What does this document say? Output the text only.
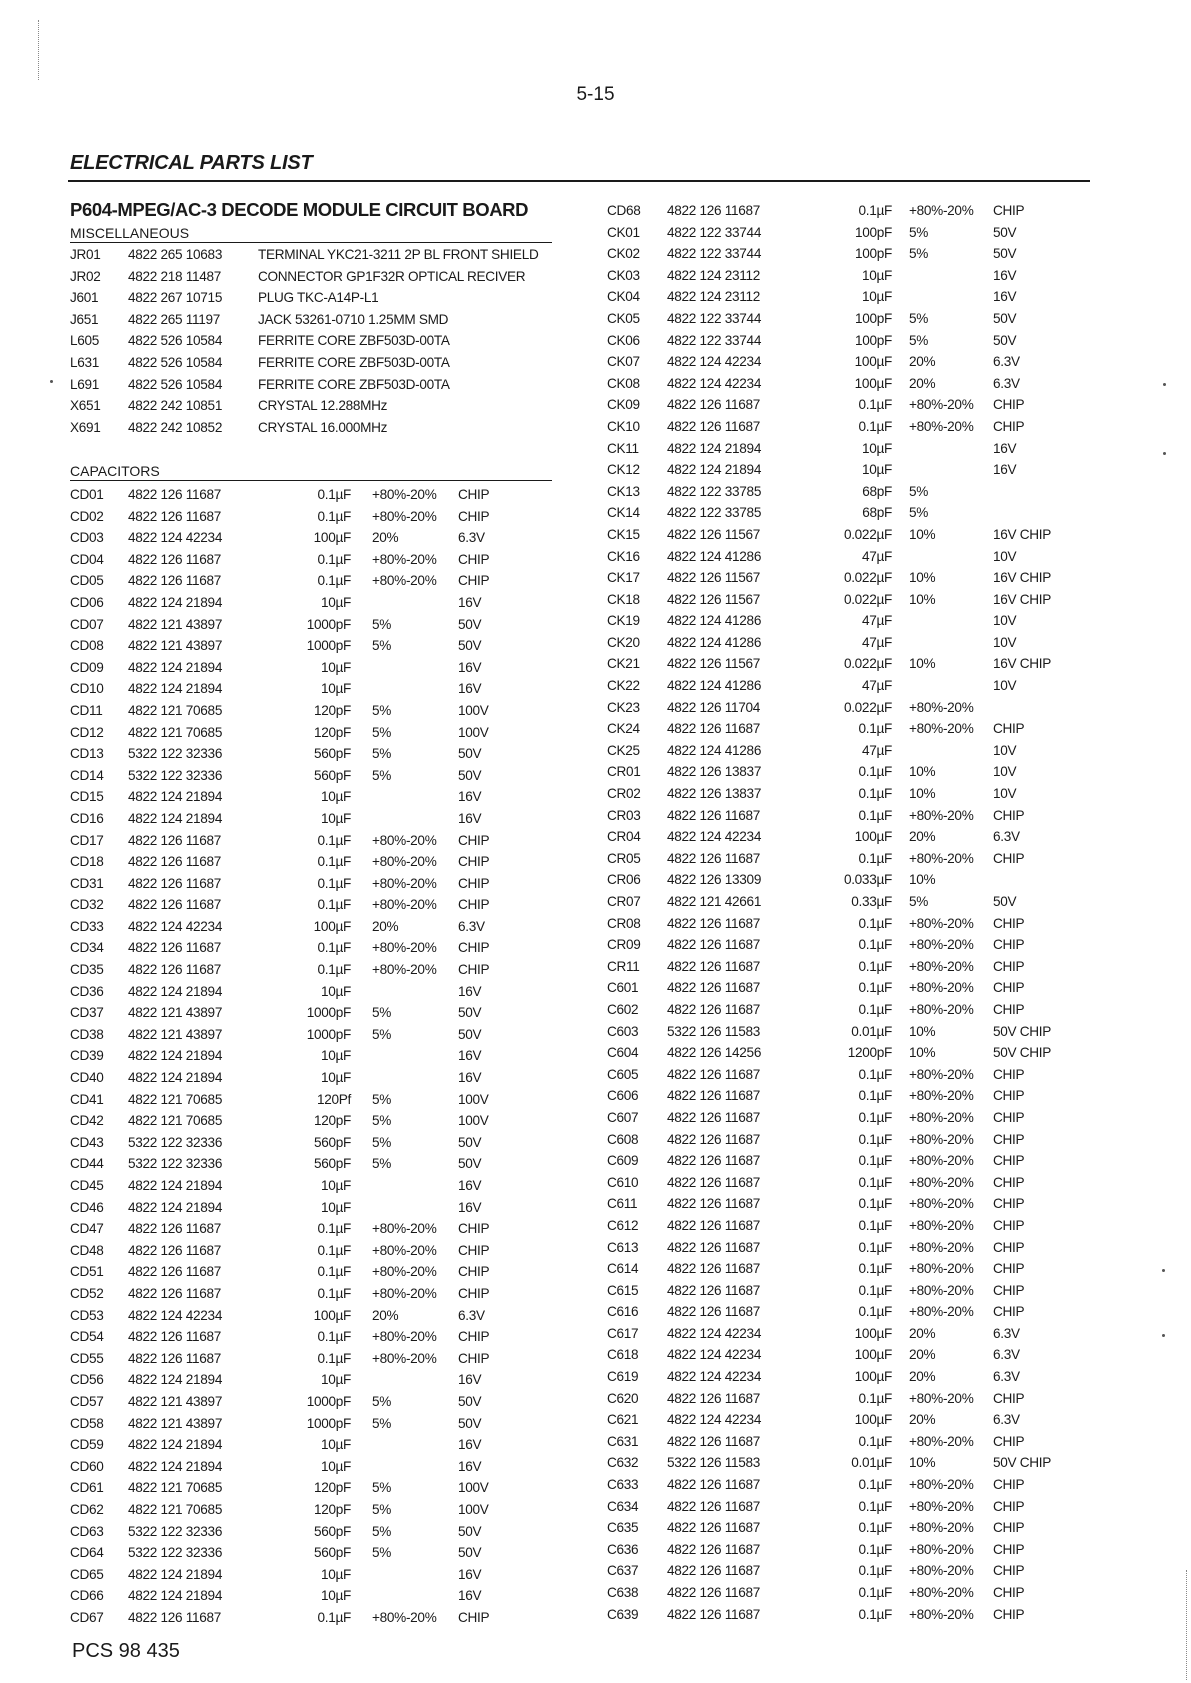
5-15
ELECTRICAL PARTS LIST
P604-MPEG/AC-3 DECODE MODULE CIRCUIT BOARD
MISCELLANEOUS
JR01 4822 265 10683	TERMINAL YKC21-3211 2P BL FRONT SHIELD
JR02 4822 218 11487	CONNECTOR GP1F32R OPTICAL RECIVER
J601 4822 267 10715	PLUG TKC-A14P-L1
J651 4822 265 11197	JACK 53261-0710 1.25MM SMD
L605 4822 526 10584	FERRITE CORE ZBF503D-00TA
L631 4822 526 10584	FERRITE CORE ZBF503D-00TA
L691 4822 526 10584	FERRITE CORE ZBF503D-00TA
X651 4822 242 10851	CRYSTAL 12.288MHz
X691 4822 242 10852	CRYSTAL 16.000MHz
CAPACITORS
CD01 4822 126 11687	0.1µF +80%-20% CHIP
CD02 4822 126 11687	0.1µF +80%-20% CHIP
CD03 4822 124 42234	100µF 20%	6.3V
CD04 4822 126 11687	0.1µF +80%-20% CHIP
CD05 4822 126 11687	0.1µF +80%-20% CHIP
CD06 4822 124 21894	10µF	16V
CD07 4822 121 43897	1000pF 5%	50V
CD08 4822 121 43897	1000pF 5%	50V
CD09 4822 124 21894	10µF	16V
CD10 4822 124 21894	10µF	16V
CD11 4822 121 70685	120pF 5%	100V
CD12 4822 121 70685	120pF 5%	100V
CD13 5322 122 32336	560pF 5%	50V
CD14 5322 122 32336	560pF 5%	50V
CD15 4822 124 21894	10µF	16V
CD16 4822 124 21894	10µF	16V
CD17 4822 126 11687	0.1µF +80%-20% CHIP
CD18 4822 126 11687	0.1µF +80%-20% CHIP
CD31 4822 126 11687	0.1µF +80%-20% CHIP
CD32 4822 126 11687	0.1µF +80%-20% CHIP
CD33 4822 124 42234	100µF 20%	6.3V
CD34 4822 126 11687	0.1µF +80%-20% CHIP
CD35 4822 126 11687	0.1µF +80%-20% CHIP
CD36 4822 124 21894	10µF	16V
CD37 4822 121 43897	1000pF 5%	50V
CD38 4822 121 43897	1000pF 5%	50V
CD39 4822 124 21894	10µF	16V
CD40 4822 124 21894	10µF	16V
CD41 4822 121 70685	120Pf 5%	100V
CD42 4822 121 70685	120pF 5%	100V
CD43 5322 122 32336	560pF 5%	50V
CD44 5322 122 32336	560pF 5%	50V
CD45 4822 124 21894	10µF	16V
CD46 4822 124 21894	10µF	16V
CD47 4822 126 11687	0.1µF +80%-20% CHIP
CD48 4822 126 11687	0.1µF +80%-20% CHIP
CD51 4822 126 11687	0.1µF +80%-20% CHIP
CD52 4822 126 11687	0.1µF +80%-20% CHIP
CD53 4822 124 42234	100µF 20%	6.3V
CD54 4822 126 11687	0.1µF +80%-20% CHIP
CD55 4822 126 11687	0.1µF +80%-20% CHIP
CD56 4822 124 21894	10µF	16V
CD57 4822 121 43897	1000pF 5%	50V
CD58 4822 121 43897	1000pF 5%	50V
CD59 4822 124 21894	10µF	16V
CD60 4822 124 21894	10µF	16V
CD61 4822 121 70685	120pF 5%	100V
CD62 4822 121 70685	120pF 5%	100V
CD63 5322 122 32336	560pF 5%	50V
CD64 5322 122 32336	560pF 5%	50V
CD65 4822 124 21894	10µF	16V
CD66 4822 124 21894	10µF	16V
CD67 4822 126 11687	0.1µF +80%-20% CHIP
CD68 4822 126 11687	0.1µF +80%-20% CHIP
CK01 4822 122 33744	100pF 5%	50V
CK02 4822 122 33744	100pF 5%	50V
CK03 4822 124 23112	10µF	16V
CK04 4822 124 23112	10µF	16V
CK05 4822 122 33744	100pF 5%	50V
CK06 4822 122 33744	100pF 5%	50V
CK07 4822 124 42234	100µF 20%	6.3V
CK08 4822 124 42234	100µF 20%	6.3V
CK09 4822 126 11687	0.1µF +80%-20% CHIP
CK10 4822 126 11687	0.1µF +80%-20% CHIP
CK11 4822 124 21894	10µF	16V
CK12 4822 124 21894	10µF	16V
CK13 4822 122 33785	68pF 5%
CK14 4822 122 33785	68pF 5%
CK15 4822 126 11567	0.022µF 10%	16V CHIP
CK16 4822 124 41286	47µF	10V
CK17 4822 126 11567	0.022µF 10%	16V CHIP
CK18 4822 126 11567	0.022µF 10%	16V CHIP
CK19 4822 124 41286	47µF	10V
CK20 4822 124 41286	47µF	10V
CK21 4822 126 11567	0.022µF 10%	16V CHIP
CK22 4822 124 41286	47µF	10V
CK23 4822 126 11704	0.022µF +80%-20%
CK24 4822 126 11687	0.1µF +80%-20% CHIP
CK25 4822 124 41286	47µF	10V
CR01 4822 126 13837	0.1µF 10%	10V
CR02 4822 126 13837	0.1µF 10%	10V
CR03 4822 126 11687	0.1µF +80%-20% CHIP
CR04 4822 124 42234	100µF 20%	6.3V
CR05 4822 126 11687	0.1µF +80%-20% CHIP
CR06 4822 126 13309	0.033µF 10%
CR07 4822 121 42661	0.33µF 5%	50V
CR08 4822 126 11687	0.1µF +80%-20% CHIP
CR09 4822 126 11687	0.1µF +80%-20% CHIP
CR11 4822 126 11687	0.1µF +80%-20% CHIP
C601 4822 126 11687	0.1µF +80%-20% CHIP
C602 4822 126 11687	0.1µF +80%-20% CHIP
C603 5322 126 11583	0.01µF 10%	50V CHIP
C604 4822 126 14256	1200pF 10%	50V CHIP
C605 4822 126 11687	0.1µF +80%-20% CHIP
C606 4822 126 11687	0.1µF +80%-20% CHIP
C607 4822 126 11687	0.1µF +80%-20% CHIP
C608 4822 126 11687	0.1µF +80%-20% CHIP
C609 4822 126 11687	0.1µF +80%-20% CHIP
C610 4822 126 11687	0.1µF +80%-20% CHIP
C611 4822 126 11687	0.1µF +80%-20% CHIP
C612 4822 126 11687	0.1µF +80%-20% CHIP
C613 4822 126 11687	0.1µF +80%-20% CHIP
C614 4822 126 11687	0.1µF +80%-20% CHIP
C615 4822 126 11687	0.1µF +80%-20% CHIP
C616 4822 126 11687	0.1µF +80%-20% CHIP
C617 4822 124 42234	100µF 20%	6.3V
C618 4822 124 42234	100µF 20%	6.3V
C619 4822 124 42234	100µF 20%	6.3V
C620 4822 126 11687	0.1µF +80%-20% CHIP
C621 4822 124 42234	100µF 20%	6.3V
C631 4822 126 11687	0.1µF +80%-20% CHIP
C632 5322 126 11583	0.01µF 10%	50V CHIP
C633 4822 126 11687	0.1µF +80%-20% CHIP
C634 4822 126 11687	0.1µF +80%-20% CHIP
C635 4822 126 11687	0.1µF +80%-20% CHIP
C636 4822 126 11687	0.1µF +80%-20% CHIP
C637 4822 126 11687	0.1µF +80%-20% CHIP
C638 4822 126 11687	0.1µF +80%-20% CHIP
C639 4822 126 11687	0.1µF +80%-20% CHIP
PCS 98 435
